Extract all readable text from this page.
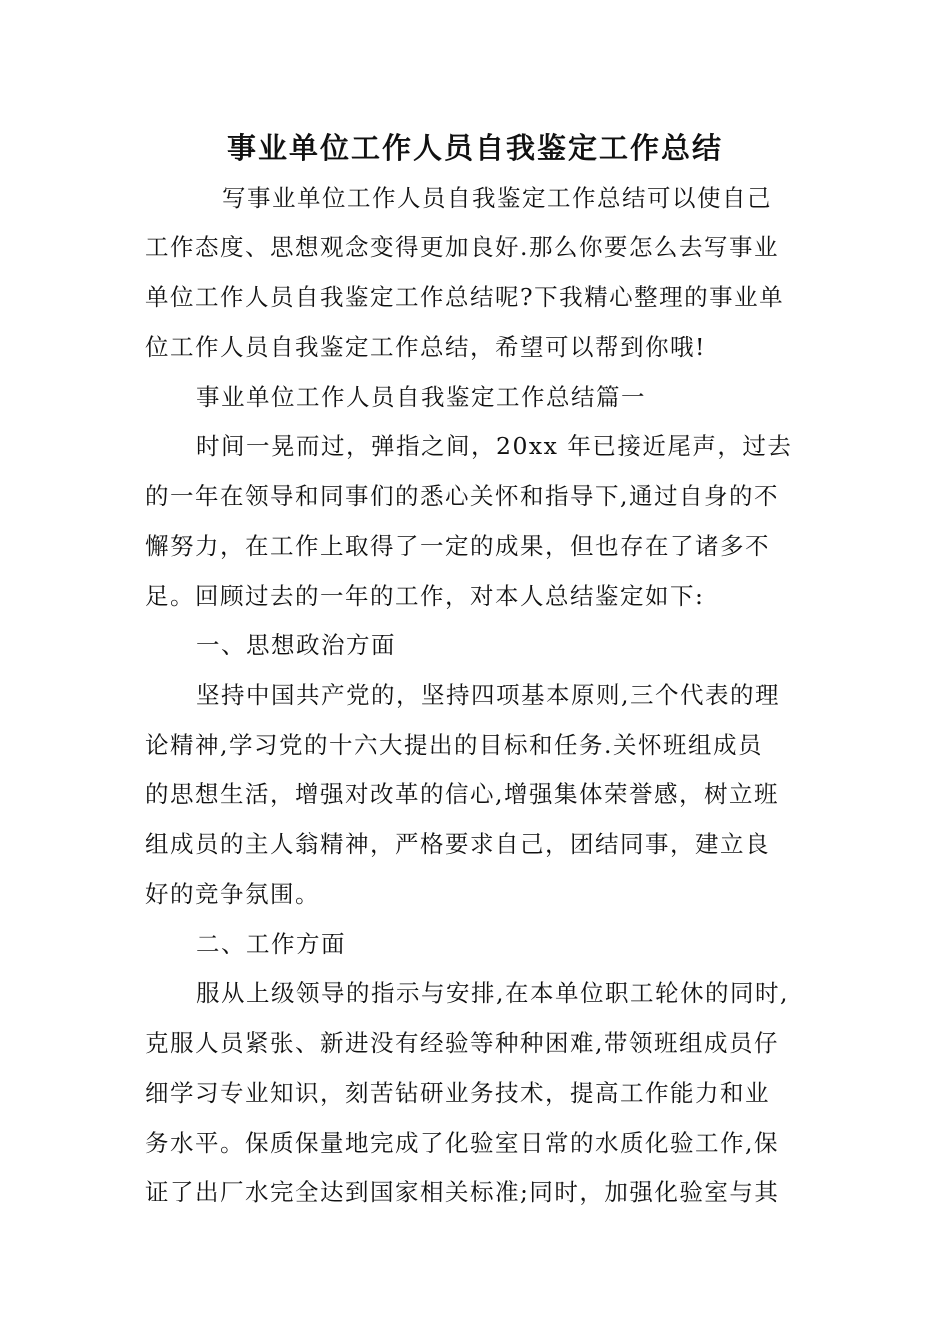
事业单位工作人员自我鉴定工作总结
写事业单位工作人员自我鉴定工作总结可以使自己
工作态度、思想观念变得更加良好.那么你要怎么去写事业
单位工作人员自我鉴定工作总结呢?下我精心整理的事业单
位工作人员自我鉴定工作总结，希望可以帮到你哦!
事业单位工作人员自我鉴定工作总结篇一
时间一晃而过，弹指之间，20xx 年已接近尾声，过去
的一年在领导和同事们的悉心关怀和指导下,通过自身的不
懈努力，在工作上取得了一定的成果，但也存在了诸多不
足。回顾过去的一年的工作，对本人总结鉴定如下:
一、思想政治方面
坚持中国共产党的，坚持四项基本原则,三个代表的理
论精神,学习党的十六大提出的目标和任务.关怀班组成员
的思想生活，增强对改革的信心,增强集体荣誉感，树立班
组成员的主人翁精神，严格要求自己，团结同事，建立良
好的竞争氛围。
二、工作方面
服从上级领导的指示与安排,在本单位职工轮休的同时,
克服人员紧张、新进没有经验等种种困难,带领班组成员仔
细学习专业知识，刻苦钻研业务技术，提高工作能力和业
务水平。保质保量地完成了化验室日常的水质化验工作,保
证了出厂水完全达到国家相关标准;同时，加强化验室与其
